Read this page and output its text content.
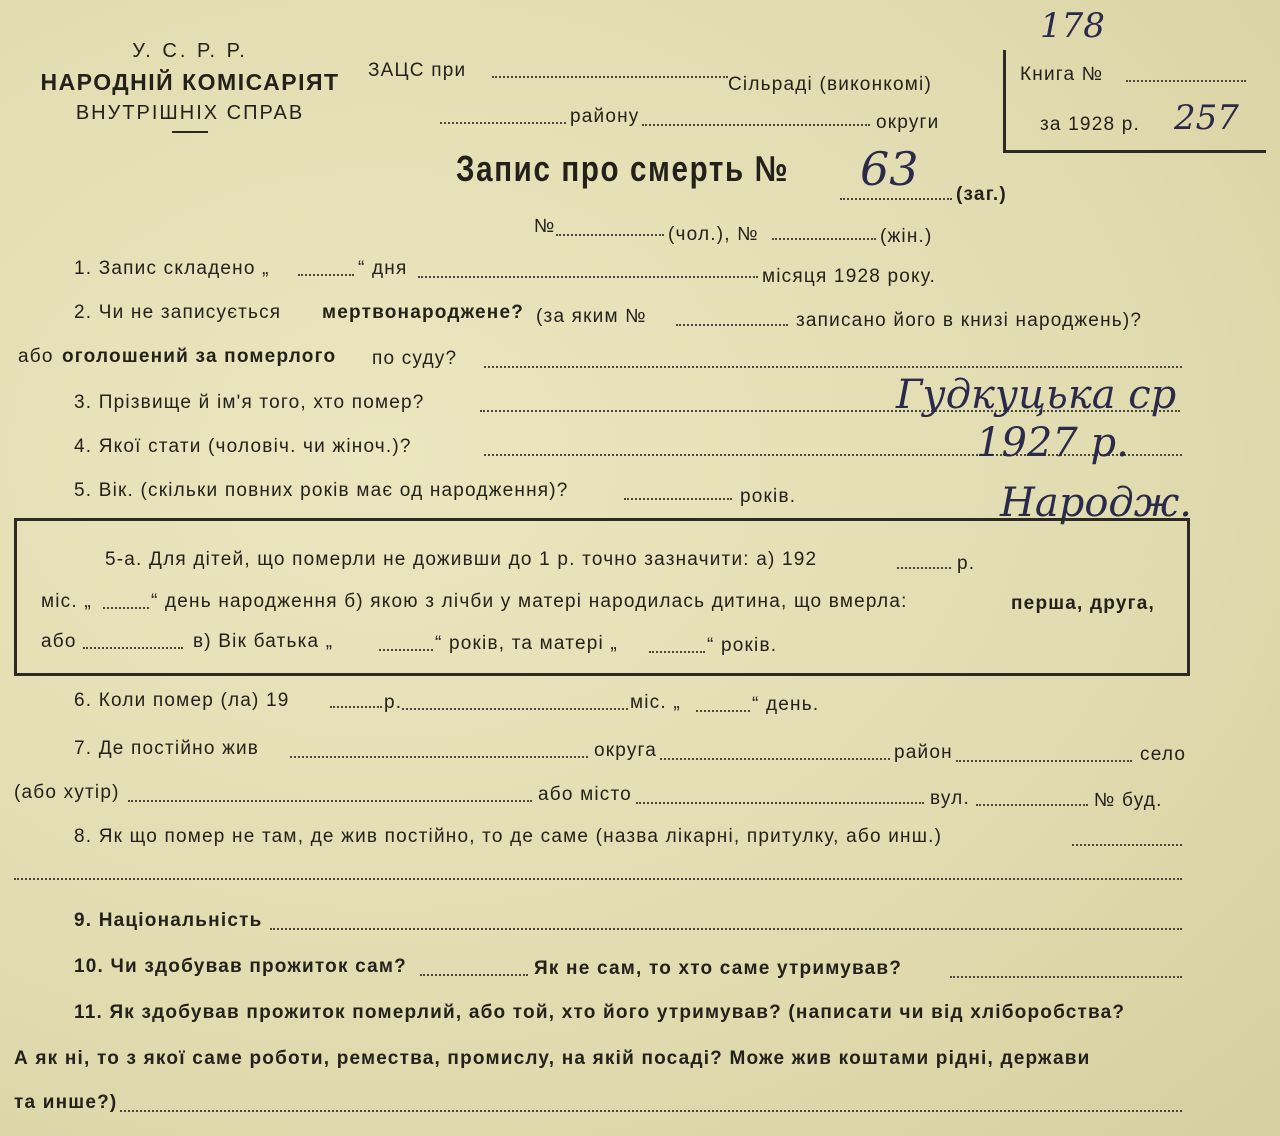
У. С. Р. Р.
НАРОДНІЙ КОМІСАРІЯТ
ВНУТРІШНІХ СПРАВ
ЗАЦС при
Сільраді (виконкомі)
району	округи
178
Книга №
за 1928 р. 257
Запис про смерть № 63 (заг.)
№	(чол.), №	(жін.)
1. Запис складено „	“ дня	місяця 1928 року.
2. Чи не записується мертвонароджене? (за яким №	записано його в книзі народжень)?
або оголошений за померлого по суду?
3. Прізвище й ім'я того, хто помер?	Гудкуцька ср
4. Якої стати (чоловіч. чи жіноч.)?	1927 р.
5. Вік. (скільки повних років має од народження)?	років.	Народж.
5-а. Для дітей, що померли не доживши до 1 р. точно зазначити: а) 192	р.
міс. „	“ день народження б) якою з лічби у матері народилась дитина, що вмерла:	перша, друга,
або	в) Вік батька „	“ років, та матері „	“ років.
6. Коли помер (ла) 19	р.	міс. „	“ день.
7. Де постійно жив	округа	район	село
(або хутір)	або місто	вул.	№ буд.
8. Як що помер не там, де жив постійно, то де саме (назва лікарні, притулку, або инш.)
9. Національність
10. Чи здобував прожиток сам?	Як не сам, то хто саме утримував?
11. Як здобував прожиток померлий, або той, хто його утримував? (написати чи від хліборобства?
А як ні, то з якої саме роботи, ремества, промислу, на якій посаді? Може жив коштами рідні, держави
та инше?)
